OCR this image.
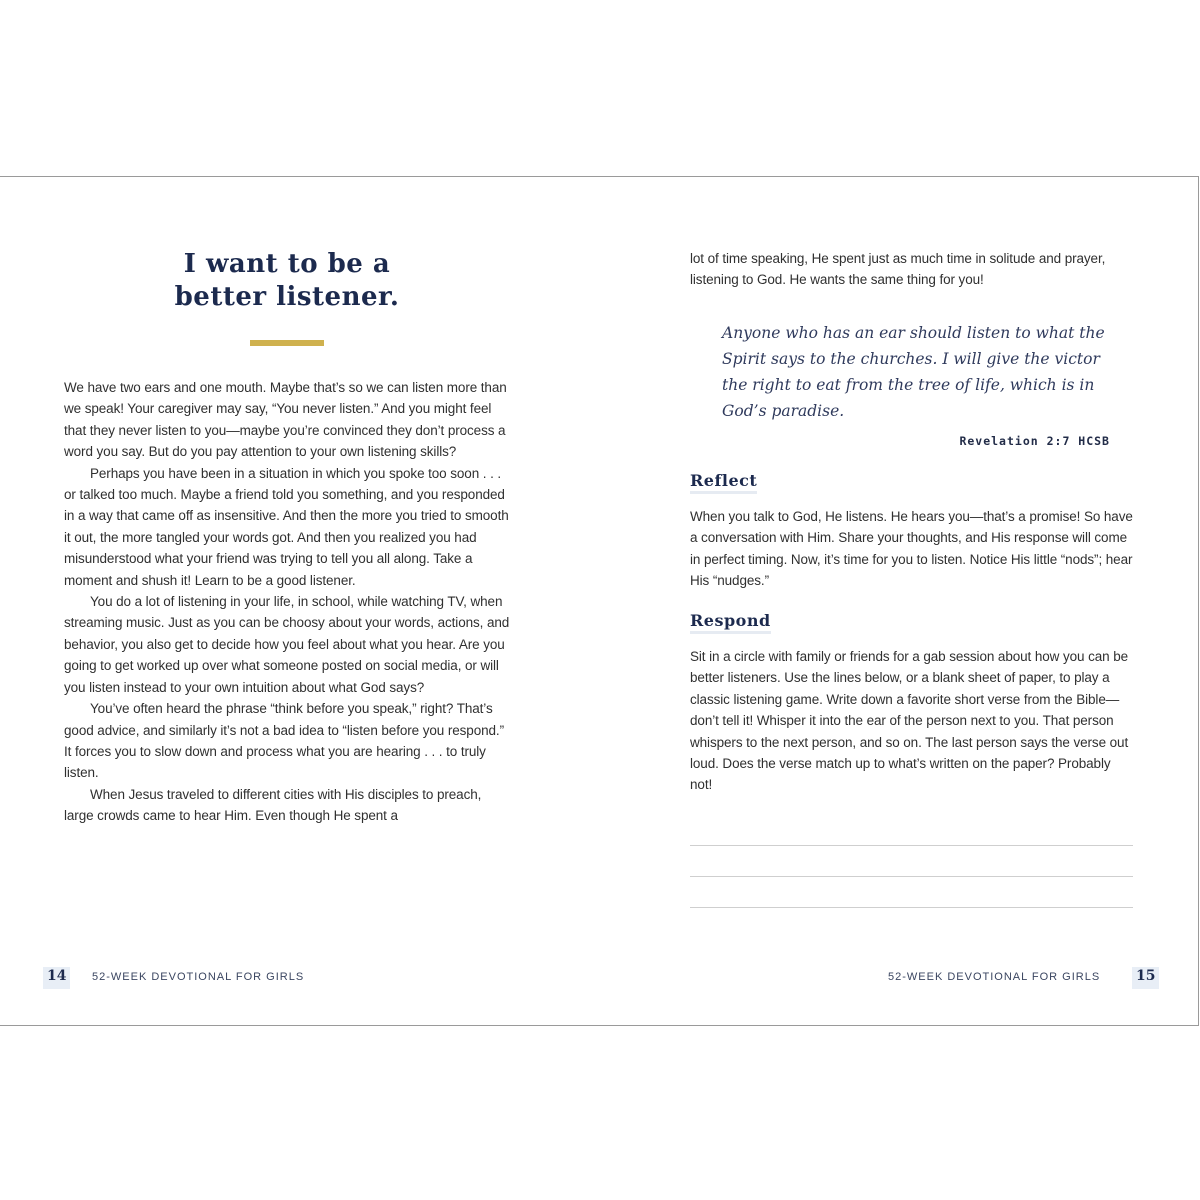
I want to be a
better listener.

We have two ears and one mouth. Maybe that’s so we can listen more than we speak! Your caregiver may say, “You never listen.” And you might feel that they never listen to you—maybe you’re convinced they don’t process a word you say. But do you pay attention to your own listening skills?

Perhaps you have been in a situation in which you spoke too soon . . . or talked too much. Maybe a friend told you something, and you responded in a way that came off as insensitive. And then the more you tried to smooth it out, the more tangled your words got. And then you realized you had misunderstood what your friend was trying to tell you all along. Take a moment and shush it! Learn to be a good listener.

You do a lot of listening in your life, in school, while watching TV, when streaming music. Just as you can be choosy about your words, actions, and behavior, you also get to decide how you feel about what you hear. Are you going to get worked up over what someone posted on social media, or will you listen instead to your own intuition about what God says?

You’ve often heard the phrase “think before you speak,” right? That’s good advice, and similarly it’s not a bad idea to “listen before you respond.” It forces you to slow down and process what you are hearing . . . to truly listen.

When Jesus traveled to different cities with His disciples to preach, large crowds came to hear Him. Even though He spent a

14	52-WEEK DEVOTIONAL FOR GIRLS

lot of time speaking, He spent just as much time in solitude and prayer, listening to God. He wants the same thing for you!

Anyone who has an ear should listen to what the Spirit says to the churches. I will give the victor the right to eat from the tree of life, which is in God’s paradise.

Revelation 2:7 HCSB
Reflect

When you talk to God, He listens. He hears you—that’s a promise! So have a conversation with Him. Share your thoughts, and His response will come in perfect timing. Now, it’s time for you to listen. Notice His little “nods”; hear His “nudges.”

Respond

Sit in a circle with family or friends for a gab session about how you can be better listeners. Use the lines below, or a blank sheet of paper, to play a classic listening game. Write down a favorite short verse from the Bible—don’t tell it! Whisper it into the ear of the person next to you. That person whispers to the next person, and so on. The last person says the verse out loud. Does the verse match up to what’s written on the paper? Probably not!

52-WEEK DEVOTIONAL FOR GIRLS	15
